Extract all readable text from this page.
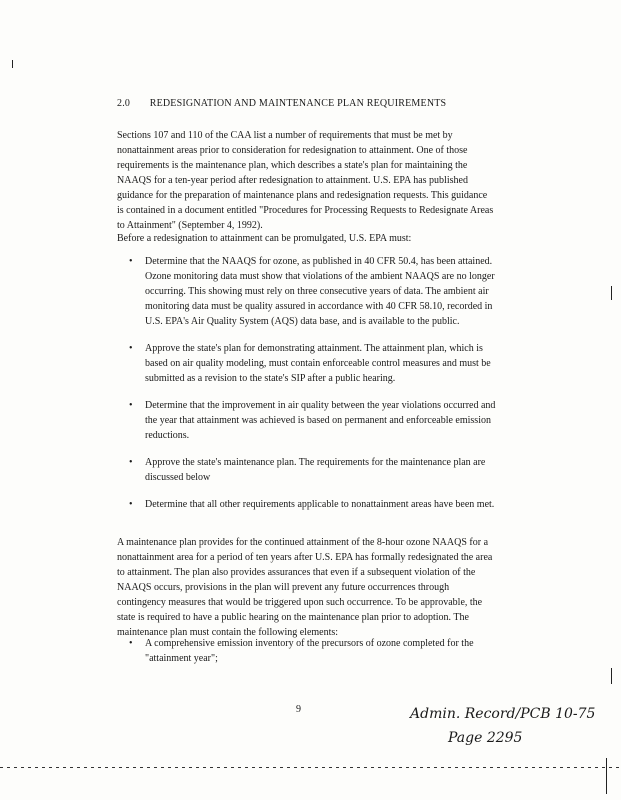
2.0 REDESIGNATION AND MAINTENANCE PLAN REQUIREMENTS

Sections 107 and 110 of the CAA list a number of requirements that must be met by nonattainment areas prior to consideration for redesignation to attainment. One of those requirements is the maintenance plan, which describes a state's plan for maintaining the NAAQS for a ten-year period after redesignation to attainment. U.S. EPA has published guidance for the preparation of maintenance plans and redesignation requests. This guidance is contained in a document entitled "Procedures for Processing Requests to Redesignate Areas to Attainment" (September 4, 1992).

Before a redesignation to attainment can be promulgated, U.S. EPA must:

• Determine that the NAAQS for ozone, as published in 40 CFR 50.4, has been attained. Ozone monitoring data must show that violations of the ambient NAAQS are no longer occurring. This showing must rely on three consecutive years of data. The ambient air monitoring data must be quality assured in accordance with 40 CFR 58.10, recorded in U.S. EPA's Air Quality System (AQS) data base, and is available to the public.
• Approve the state's plan for demonstrating attainment. The attainment plan, which is based on air quality modeling, must contain enforceable control measures and must be submitted as a revision to the state's SIP after a public hearing.
• Determine that the improvement in air quality between the year violations occurred and the year that attainment was achieved is based on permanent and enforceable emission reductions.
• Approve the state's maintenance plan. The requirements for the maintenance plan are discussed below
• Determine that all other requirements applicable to nonattainment areas have been met.

A maintenance plan provides for the continued attainment of the 8-hour ozone NAAQS for a nonattainment area for a period of ten years after U.S. EPA has formally redesignated the area to attainment. The plan also provides assurances that even if a subsequent violation of the NAAQS occurs, provisions in the plan will prevent any future occurrences through contingency measures that would be triggered upon such occurrence. To be approvable, the state is required to have a public hearing on the maintenance plan prior to adoption. The maintenance plan must contain the following elements:

• A comprehensive emission inventory of the precursors of ozone completed for the "attainment year";
9	Admin. Record/PCB 10-75
Page 2295
